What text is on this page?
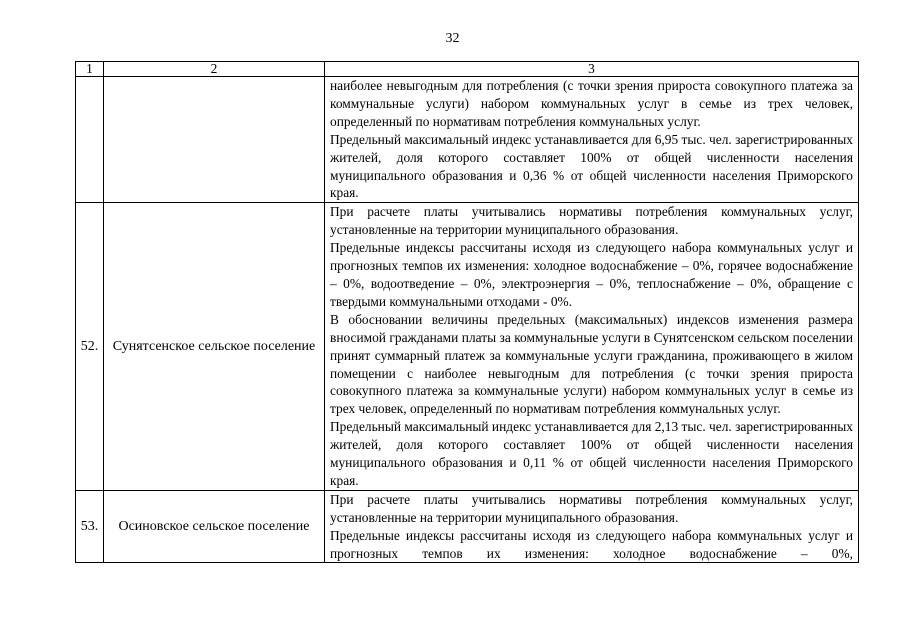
32
1	2	3

		наиболее невыгодным для потребления (с точки зрения прироста совокупного платежа за коммунальные услуги) набором коммунальных услуг в семье из трех человек, определенный по нормативам потребления коммунальных услуг.

Предельный максимальный индекс устанавливается для 6,95 тыс. чел. зарегистрированных жителей, доля которого составляет 100% от общей численности населения муниципального образования и 0,36 % от общей численности населения Приморского края.

52.	Сунятсенское сельское поселение	При расчете платы учитывались нормативы потребления коммунальных услуг, установленные на территории муниципального образования.

Предельные индексы рассчитаны исходя из следующего набора коммунальных услуг и прогнозных темпов их изменения: холодное водоснабжение – 0%, горячее водоснабжение – 0%, водоотведение – 0%, электроэнергия – 0%, теплоснабжение – 0%, обращение с твердыми коммунальными отходами - 0%.

В обосновании величины предельных (максимальных) индексов изменения размера вносимой гражданами платы за коммунальные услуги в Сунятсенском сельском поселении принят суммарный платеж за коммунальные услуги гражданина, проживающего в жилом помещении с наиболее невыгодным для потребления (с точки зрения прироста совокупного платежа за коммунальные услуги) набором коммунальных услуг в семье из трех человек, определенный по нормативам потребления коммунальных услуг.

Предельный максимальный индекс устанавливается для 2,13 тыс. чел. зарегистрированных жителей, доля которого составляет 100% от общей численности населения муниципального образования и 0,11 % от общей численности населения Приморского края.

53.	Осиновское сельское поселение	При расчете платы учитывались нормативы потребления коммунальных услуг, установленные на территории муниципального образования.

Предельные индексы рассчитаны исходя из следующего набора коммунальных услуг и прогнозных темпов их изменения: холодное водоснабжение – 0%,
